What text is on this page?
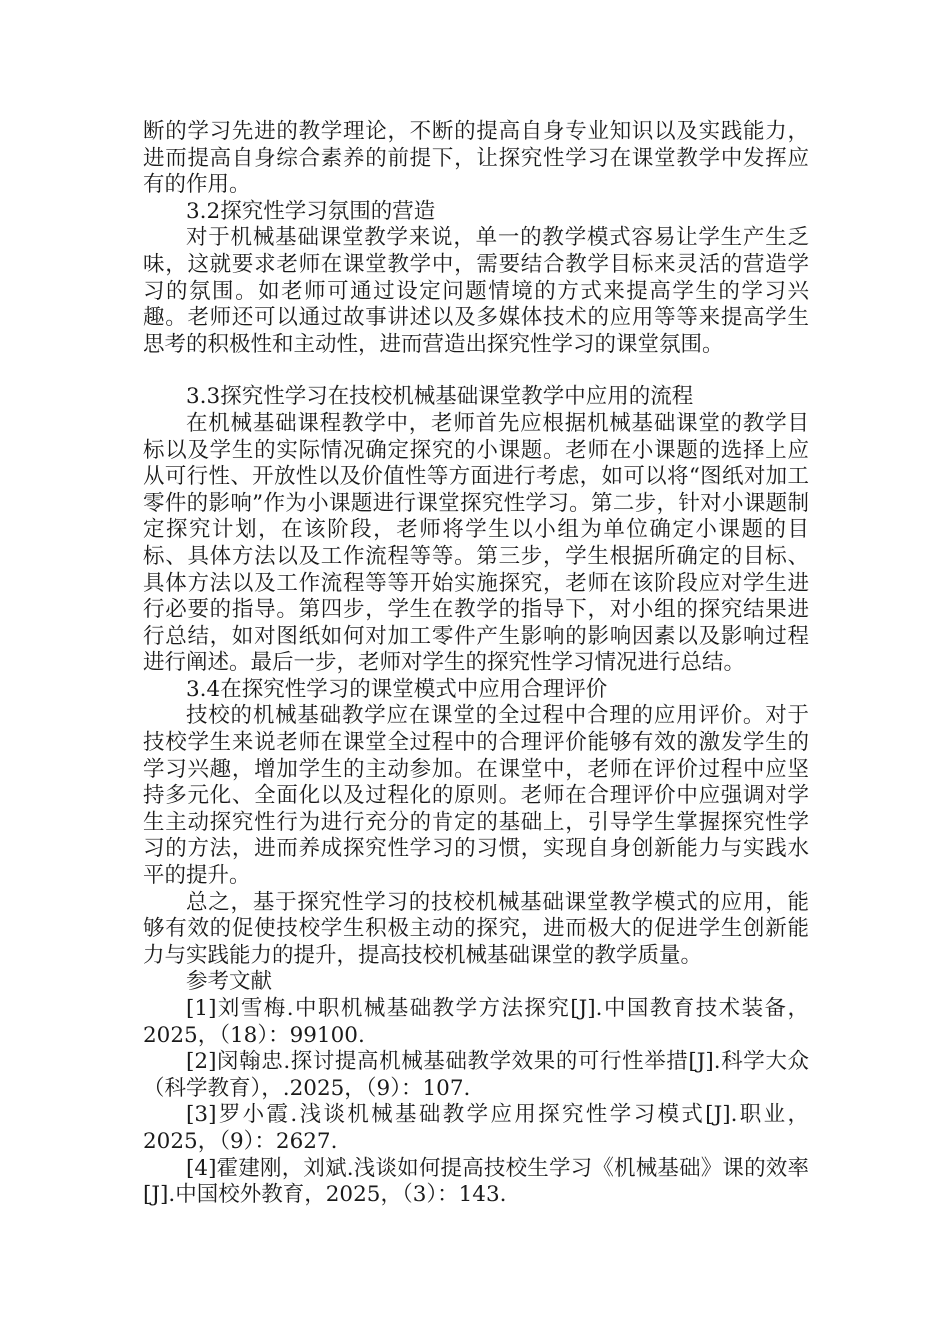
断的学习先进的教学理论，不断的提高自身专业知识以及实践能力，进而提高自身综合素养的前提下，让探究性学习在课堂教学中发挥应有的作用。

3.2探究性学习氛围的营造

对于机械基础课堂教学来说，单一的教学模式容易让学生产生乏味，这就要求老师在课堂教学中，需要结合教学目标来灵活的营造学习的氛围。如老师可通过设定问题情境的方式来提高学生的学习兴趣。老师还可以通过故事讲述以及多媒体技术的应用等等来提高学生思考的积极性和主动性，进而营造出探究性学习的课堂氛围。

3.3探究性学习在技校机械基础课堂教学中应用的流程

在机械基础课程教学中，老师首先应根据机械基础课堂的教学目标以及学生的实际情况确定探究的小课题。老师在小课题的选择上应从可行性、开放性以及价值性等方面进行考虑，如可以将“图纸对加工零件的影响”作为小课题进行课堂探究性学习。第二步，针对小课题制定探究计划，在该阶段，老师将学生以小组为单位确定小课题的目标、具体方法以及工作流程等等。第三步，学生根据所确定的目标、具体方法以及工作流程等等开始实施探究，老师在该阶段应对学生进行必要的指导。第四步，学生在教学的指导下，对小组的探究结果进行总结，如对图纸如何对加工零件产生影响的影响因素以及影响过程进行阐述。最后一步，老师对学生的探究性学习情况进行总结。

3.4在探究性学习的课堂模式中应用合理评价

技校的机械基础教学应在课堂的全过程中合理的应用评价。对于技校学生来说老师在课堂全过程中的合理评价能够有效的激发学生的学习兴趣，增加学生的主动参加。在课堂中，老师在评价过程中应坚持多元化、全面化以及过程化的原则。老师在合理评价中应强调对学生主动探究性行为进行充分的肯定的基础上，引导学生掌握探究性学习的方法，进而养成探究性学习的习惯，实现自身创新能力与实践水平的提升。

总之，基于探究性学习的技校机械基础课堂教学模式的应用，能够有效的促使技校学生积极主动的探究，进而极大的促进学生创新能力与实践能力的提升，提高技校机械基础课堂的教学质量。

参考文献

[1]刘雪梅.中职机械基础教学方法探究[J].中国教育技术装备，2025，（18）：99100.

[2]闵翰忠.探讨提高机械基础教学效果的可行性举措[J].科学大众（科学教育），.2025，（9）：107.

[3]罗小霞.浅谈机械基础教学应用探究性学习模式[J].职业，2025，（9）：2627.

[4]霍建刚，刘斌.浅谈如何提高技校生学习《机械基础》课的效率[J].中国校外教育，2025，（3）：143.
